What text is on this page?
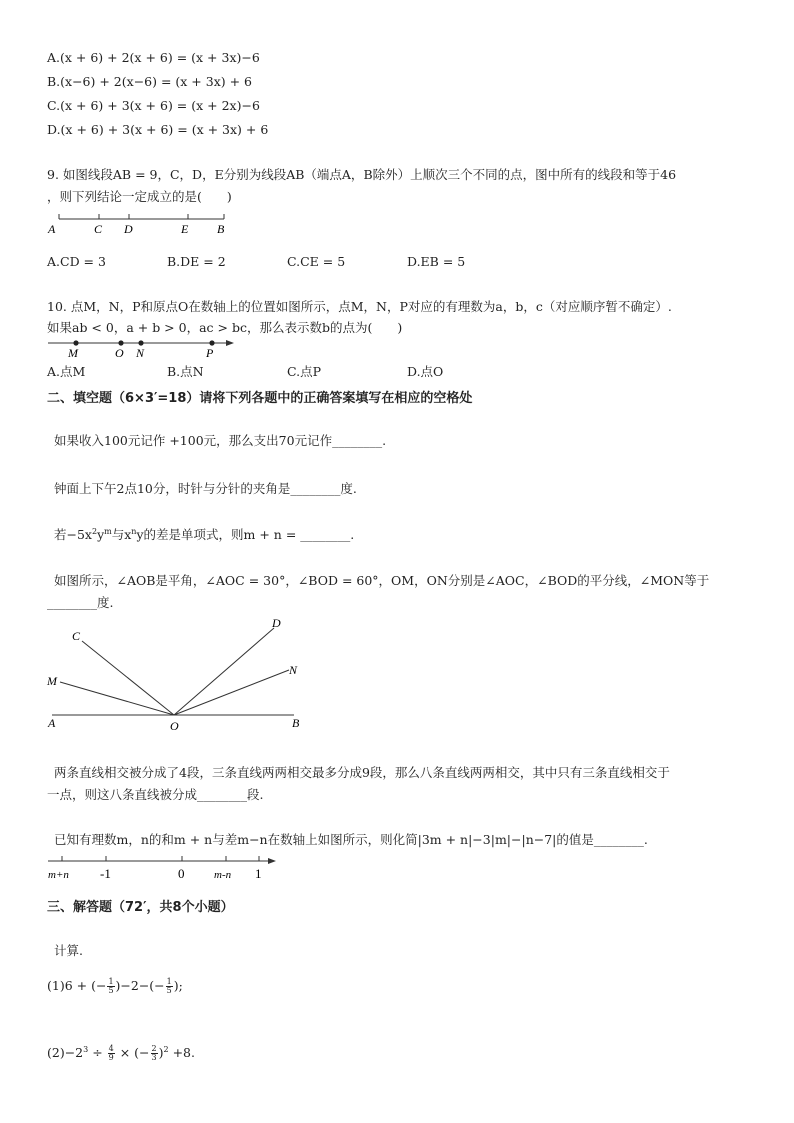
A.(x + 6) + 2(x + 6) = (x + 3x)−6
B.(x−6) + 2(x−6) = (x + 3x) + 6
C.(x + 6) + 3(x + 6) = (x + 2x)−6
D.(x + 6) + 3(x + 6) = (x + 3x) + 6
9. 如图线段AB = 9，C，D，E分别为线段AB（端点A，B除外）上顺次三个不同的点，图中所有的线段和等于46
，则下列结论一定成立的是(　　)
A	C D	E B
A.CD = 3	B.DE = 2	C.CE = 5	D.EB = 5
10. 点M，N，P和原点O在数轴上的位置如图所示，点M，N，P对应的有理数为a，b，c（对应顺序暂不确定）.
如果ab < 0，a + b > 0，ac > bc，那么表示数b的点为(　　)
M	O N	P
A.点M	B.点N	C.点P	D.点O
二、填空题（6×3′=18）请将下列各题中的正确答案填写在相应的空格处
如果收入100元记作 +100元，那么支出70元记作________.
钟面上下午2点10分，时针与分针的夹角是________度.
若$-5x^2y^m$与$x^ny$的差是单项式，则m + n = ________.
如图所示，∠AOB是平角，∠AOC = 30°，∠BOD = 60°，OM，ON分别是∠AOC，∠BOD的平分线，∠MON等于
________度.
C
D
M
N
A	O	B
两条直线相交被分成了4段，三条直线两两相交最多分成9段，那么八条直线两两相交，其中只有三条直线相交于
一点，则这八条直线被分成________段.
已知有理数m，n的和m + n与差m−n在数轴上如图所示，则化简|3m + n|−3|m|−|n−7|的值是________.
m+n -1	0	m-n 1
三、解答题（72′，共8个小题）
计算.
(1)6 + (− $\frac{1}{5} )-2-(- \frac{1}{5}$ );
$(2)-2^3 \div \frac{4}{9}$ × (− $\frac{2}{3} )^2 +8$.
